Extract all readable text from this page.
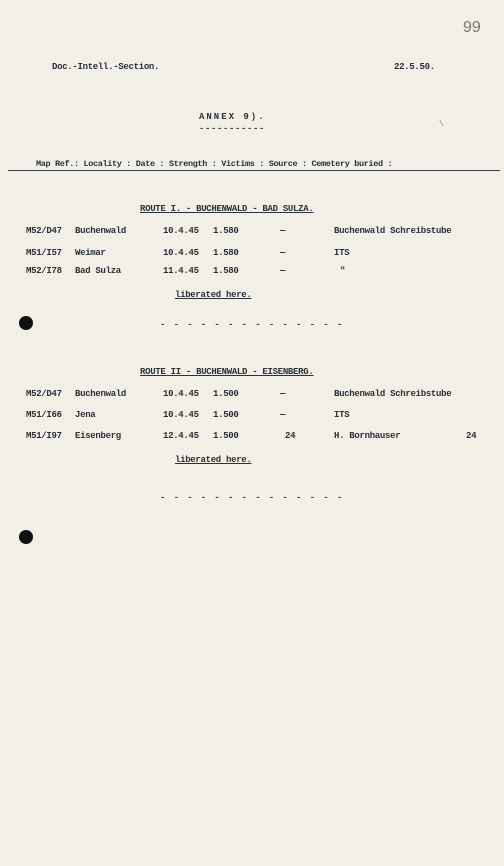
99
Doc.-Intell.-Section.	22.5.50.
ANNEX 9).
-----------	\
Map Ref.: Locality : Date : Strength : Victims : Source : Cemetery buried :
ROUTE I. - BUCHENWALD - BAD SULZA.
M52/D47 Buchenwald	10.4.45 1.580	—	Buchenwald Schreibstube
M51/I57 Weimar	10.4.45 1.580	—	ITS
M52/I78 Bad Sulza	11.4.45 1.580	—	"
liberated here.
- - - - - - - - - - - - - -
ROUTE II - BUCHENWALD - EISENBERG.
M52/D47 Buchenwald	10.4.45 1.500	—	Buchenwald Schreibstube
M51/I66 Jena	10.4.45 1.500	—	ITS
M51/I97 Eisenberg	12.4.45 1.500	24	H. Bornhauser	24
liberated here.
- - - - - - - - - - - - - -
